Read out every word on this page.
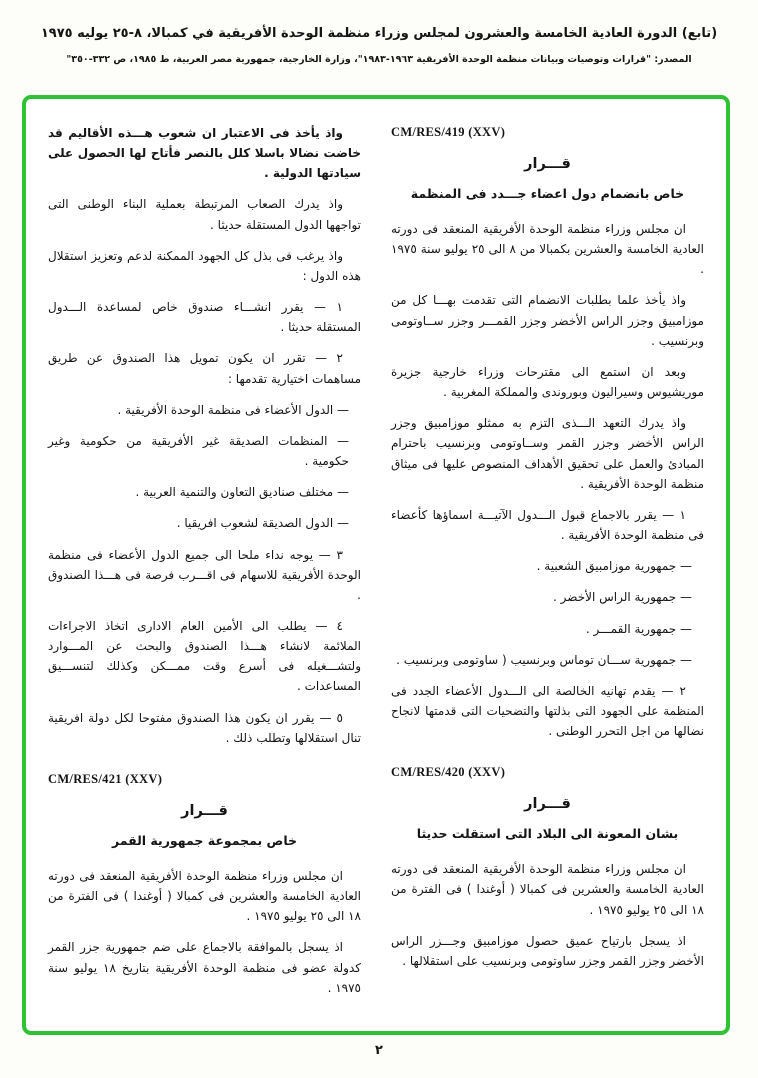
(تابع) الدورة العادية الخامسة والعشرون لمجلس وزراء منظمة الوحدة الأفريقية في كمبالا، ٨-٢٥ يوليه ١٩٧٥
المصدر: "قرارات وتوصيات وبيانات منظمة الوحدة الأفريقية ١٩٦٣-١٩٨٣"، وزارة الخارجية، جمهورية مصر العربية، ط ١٩٨٥، ص ٣٣٢-٣٥٠"
CM/RES/419 (XXV)
قـــرار
خاص بانضمام دول اعضاء جـــدد فى المنظمة

ان مجلس وزراء منظمة الوحدة الأفريقية المنعقد فى دورته العادية الخامسة والعشرين بكمبالا من ٨ الى ٢٥ يوليو سنة ١٩٧٥ .

واذ يأخذ علما بطلبات الانضمام التى تقدمت بهـــا كل من موزامبيق وجزر الراس الأخضر وجزر القمـــر وجزر ســاوتومى وبرنسيب .

وبعد ان استمع الى مقترحات وزراء خارجية جزيرة موريشيوس وسيراليون وبوروندى والمملكة المغربية .

واذ يدرك التعهد الـــذى التزم به ممثلو موزامبيق وجزر الراس الأخضر وجزر القمر وســاوتومى وبرنسيب باحترام المبادئ والعمل على تحقيق الأهداف المنصوص عليها فى ميثاق منظمة الوحدة الأفريقية .

١ — يقرر بالاجماع قبول الـــدول الآتيـــة اسماؤها كأعضاء فى منظمة الوحدة الأفريقية .

— جمهورية موزامبيق الشعبية .

— جمهورية الراس الأخضر .

— جمهورية القمـــر .

— جمهورية ســـان توماس وبرنسيب ( ساوتومى وبرنسيب .

٢ — يقدم تهانيه الخالصة الى الـــدول الأعضاء الجدد فى المنظمة على الجهود التى بذلتها والتضحيات التى قدمتها لانجاح نضالها من اجل التحرر الوطنى .

CM/RES/420 (XXV)
قـــرار
بشان المعونة الى البلاد التى استقلت حديثا

ان مجلس وزراء منظمة الوحدة الأفريقية المنعقد فى دورته العادية الخامسة والعشرين فى كمبالا ( أوغندا ) فى الفترة من ١٨ الى ٢٥ يوليو ١٩٧٥ .

اذ يسجل بارتياح عميق حصول موزامبيق وجـــزر الراس الأخضر وجزر القمر وجزر ساوتومى وبرنسيب على استقلالها .

واذ يأخذ فى الاعتبار ان شعوب هـــذه الأقاليم قد خاضت نضالا باسلا كلل بالنصر فأتاح لها الحصول على سيادتها الدولية .

واذ يدرك الصعاب المرتبطة بعملية البناء الوطنى التى تواجهها الدول المستقلة حديثا .

واذ يرغب فى بذل كل الجهود الممكنة لدعم وتعزيز استقلال هذه الدول :

١ — يقرر انشـــاء صندوق خاص لمساعدة الـــدول المستقلة حديثا .

٢ — تقرر ان يكون تمويل هذا الصندوق عن طريق مساهمات اختيارية تقدمها :

— الدول الأعضاء فى منظمة الوحدة الأفريقية .

— المنظمات الصديقة غير الأفريقية من حكومية وغير حكومية .

— مختلف صناديق التعاون والتنمية العربية .

— الدول الصديقة لشعوب افريقيا .

٣ — يوجه نداء ملحا الى جميع الدول الأعضاء فى منظمة الوحدة الأفريقية للاسهام فى اقـــرب فرصة فى هـــذا الصندوق .

٤ — يطلب الى الأمين العام الادارى اتخاذ الاجراءات الملائمة لانشاء هـــذا الصندوق والبحث عن المـــوارد ولتشـــغيله فى أسرع وقت ممـــكن وكذلك لتنســـيق المساعدات .

٥ — يقرر ان يكون هذا الصندوق مفتوحا لكل دولة افريقية تنال استقلالها وتطلب ذلك .

CM/RES/421 (XXV)
قـــرار
خاص بمجموعة جمهورية القمر

ان مجلس وزراء منظمة الوحدة الأفريقية المنعقد فى دورته العادية الخامسة والعشرين فى كمبالا ( أوغندا ) فى الفترة من ١٨ الى ٢٥ يوليو ١٩٧٥ .

اذ يسجل بالموافقة بالاجماع على ضم جمهورية جزر القمر كدولة عضو فى منظمة الوحدة الأفريقية بتاريخ ١٨ يوليو سنة ١٩٧٥ .

٢
